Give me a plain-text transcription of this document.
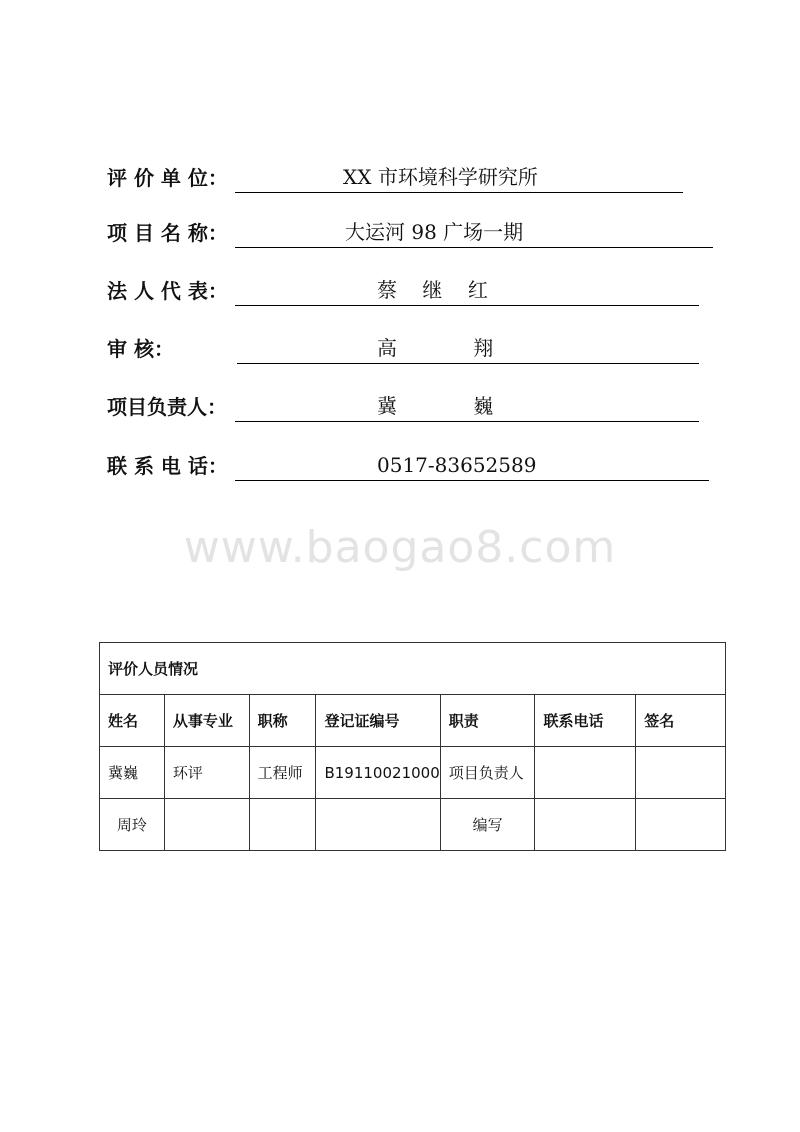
评 价 单 位：	XX 市环境科学研究所
项 目 名 称：	大运河 98 广场一期
法 人 代 表：	蔡    继    红
审 核：	高            翔
项目负责人：	冀            巍
联 系 电 话：	0517-83652589
www.baogao8.com
评价人员情况						
姓名	从事专业	职称	登记证编号	职责	联系电话	签名
冀巍	环评	工程师	B19110021000	项目负责人		
周玲				编写		
